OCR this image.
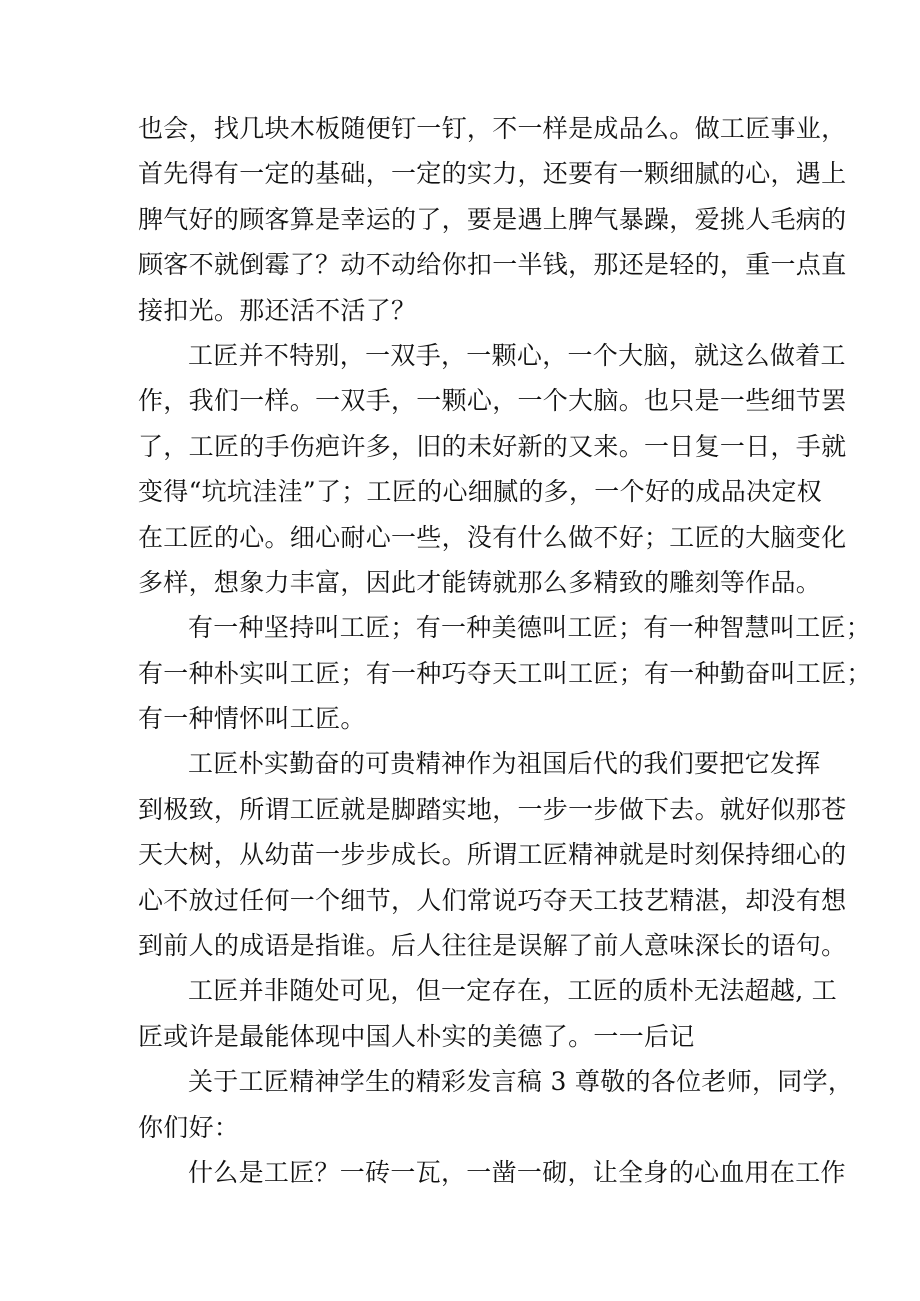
也会，找几块木板随便钉一钉，不一样是成品么。做工匠事业，
首先得有一定的基础，一定的实力，还要有一颗细腻的心，遇上
脾气好的顾客算是幸运的了，要是遇上脾气暴躁，爱挑人毛病的
顾客不就倒霉了？动不动给你扣一半钱，那还是轻的，重一点直
接扣光。那还活不活了？
工匠并不特别，一双手，一颗心，一个大脑，就这么做着工
作，我们一样。一双手，一颗心，一个大脑。也只是一些细节罢
了，工匠的手伤疤许多，旧的未好新的又来。一日复一日，手就
变得“坑坑洼洼”了；工匠的心细腻的多，一个好的成品决定权
在工匠的心。细心耐心一些，没有什么做不好；工匠的大脑变化
多样，想象力丰富，因此才能铸就那么多精致的雕刻等作品。
有一种坚持叫工匠；有一种美德叫工匠；有一种智慧叫工匠；
有一种朴实叫工匠；有一种巧夺天工叫工匠；有一种勤奋叫工匠；
有一种情怀叫工匠。
工匠朴实勤奋的可贵精神作为祖国后代的我们要把它发挥
到极致，所谓工匠就是脚踏实地，一步一步做下去。就好似那苍
天大树，从幼苗一步步成长。所谓工匠精神就是时刻保持细心的
心不放过任何一个细节，人们常说巧夺天工技艺精湛，却没有想
到前人的成语是指谁。后人往往是误解了前人意味深长的语句。
工匠并非随处可见，但一定存在，工匠的质朴无法超越, 工
匠或许是最能体现中国人朴实的美德了。一一后记
关于工匠精神学生的精彩发言稿 3 尊敬的各位老师，同学，
你们好：
什么是工匠？一砖一瓦，一凿一砌，让全身的心血用在工作
